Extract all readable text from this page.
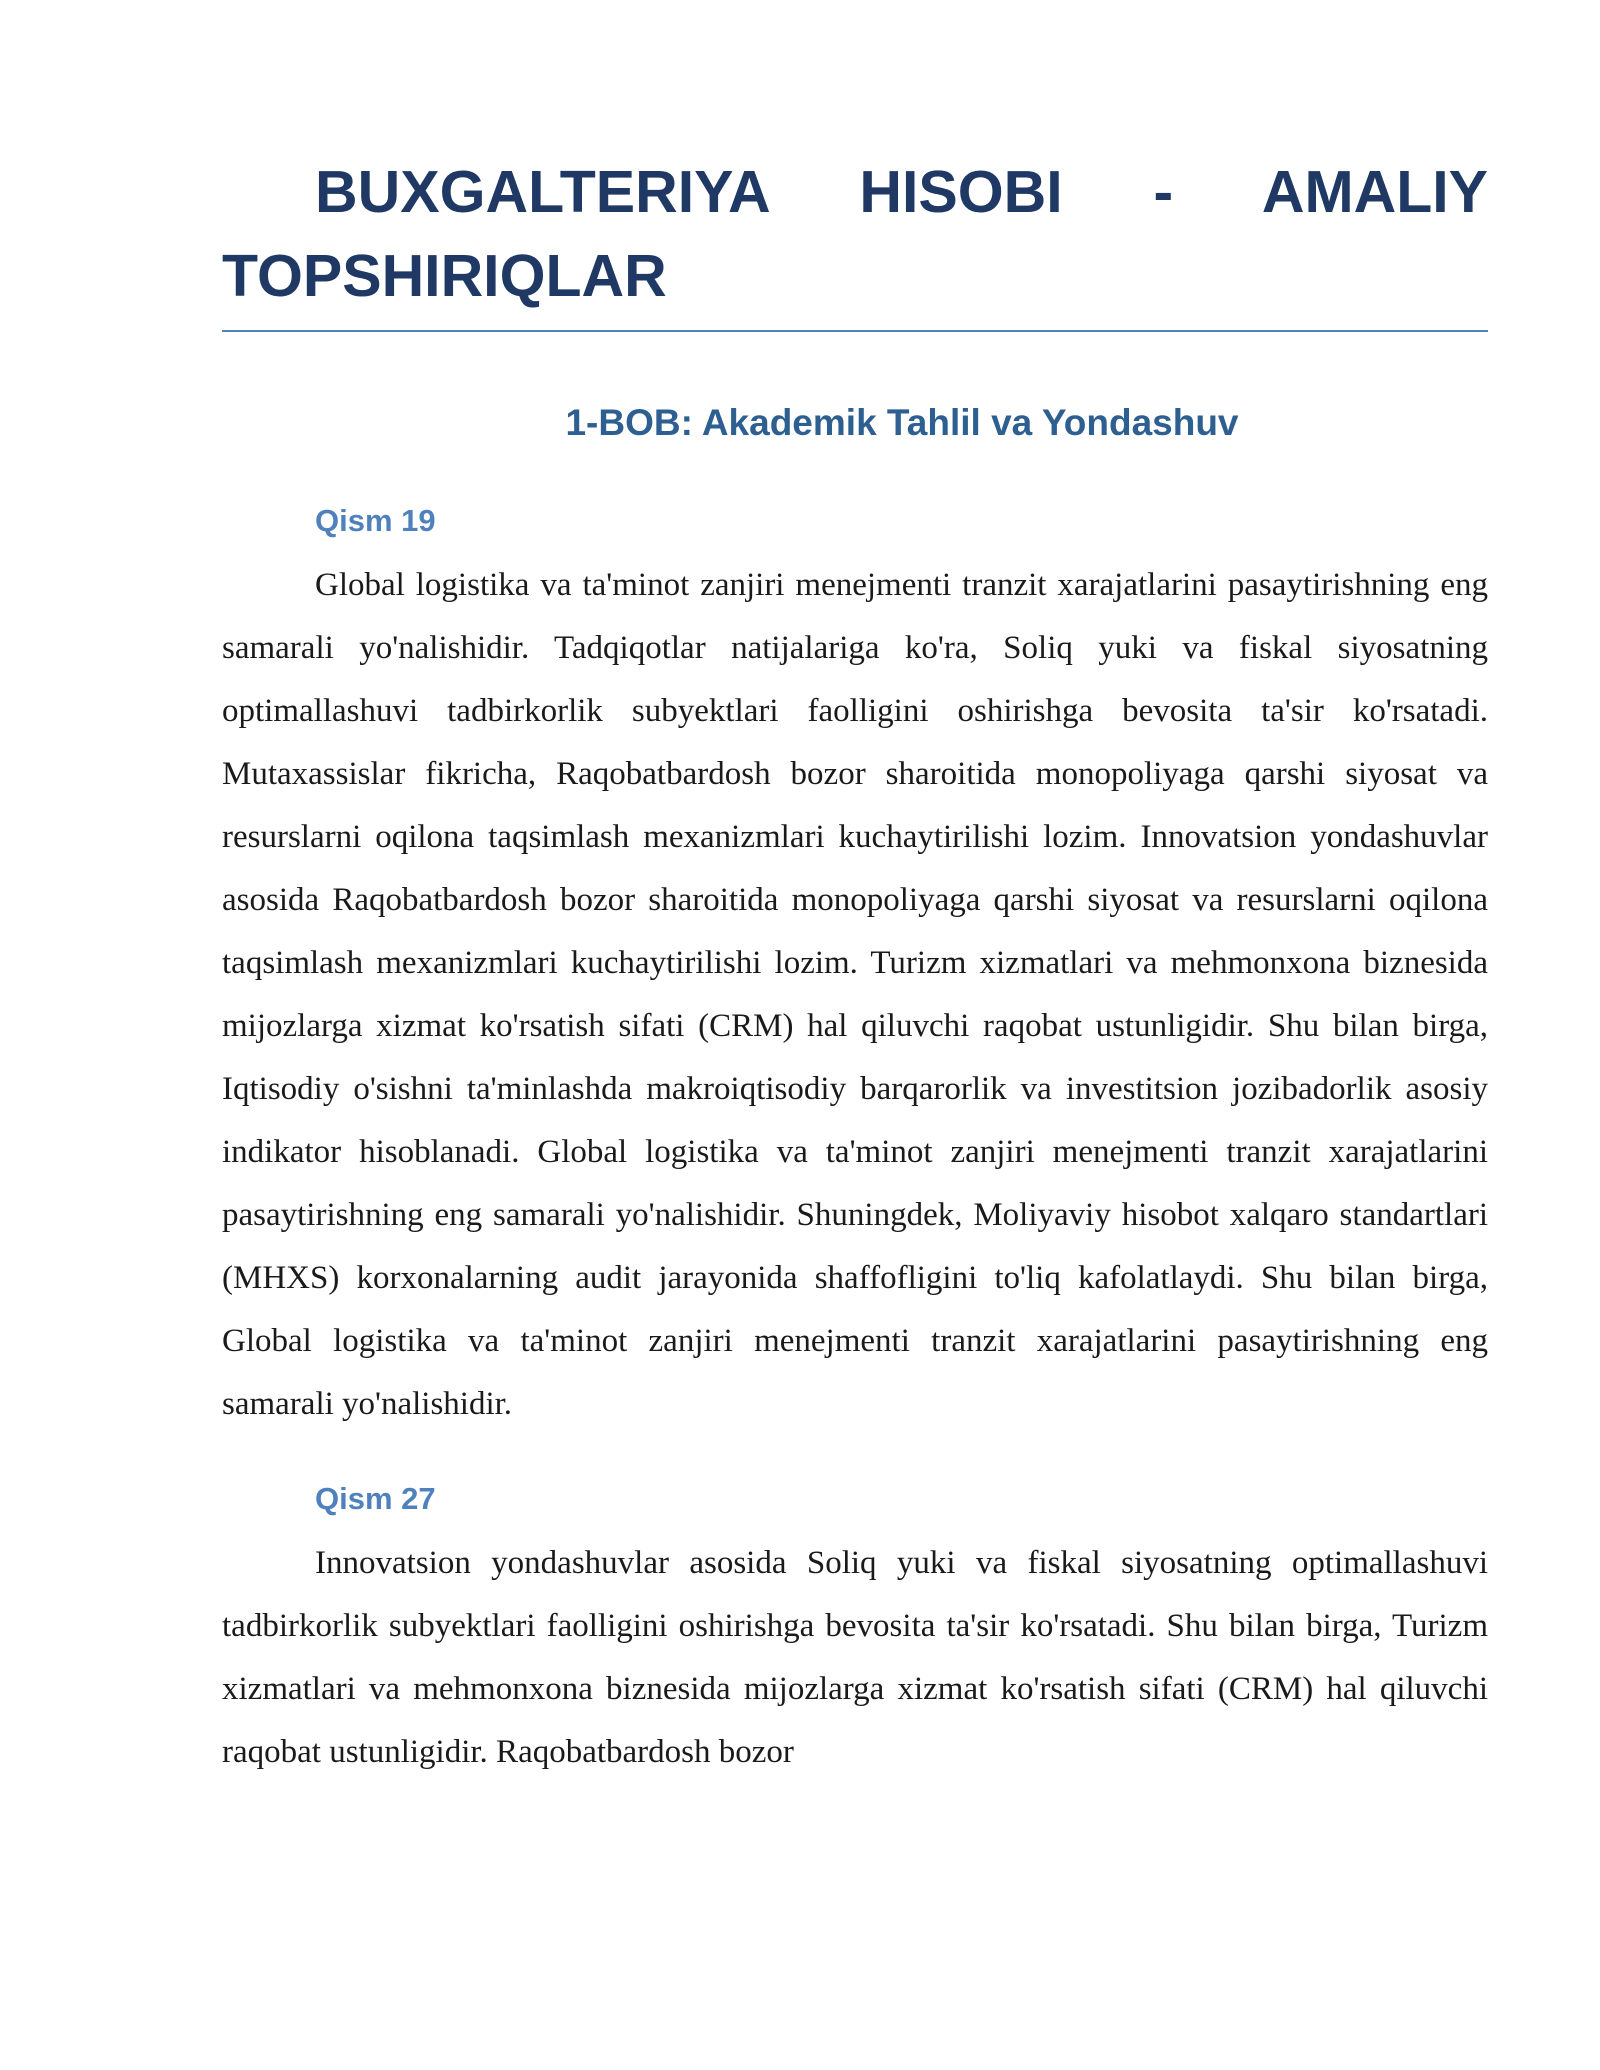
BUXGALTERIYA HISOBI - AMALIY TOPSHIRIQLAR
1-BOB: Akademik Tahlil va Yondashuv
Qism 19

Global logistika va ta'minot zanjiri menejmenti tranzit xarajatlarini pasaytirishning eng samarali yo'nalishidir. Tadqiqotlar natijalariga ko'ra, Soliq yuki va fiskal siyosatning optimallashuvi tadbirkorlik subyektlari faolligini oshirishga bevosita ta'sir ko'rsatadi. Mutaxassislar fikricha, Raqobatbardosh bozor sharoitida monopoliyaga qarshi siyosat va resurslarni oqilona taqsimlash mexanizmlari kuchaytirilishi lozim. Innovatsion yondashuvlar asosida Raqobatbardosh bozor sharoitida monopoliyaga qarshi siyosat va resurslarni oqilona taqsimlash mexanizmlari kuchaytirilishi lozim. Turizm xizmatlari va mehmonxona biznesida mijozlarga xizmat ko'rsatish sifati (CRM) hal qiluvchi raqobat ustunligidir. Shu bilan birga, Iqtisodiy o'sishni ta'minlashda makroiqtisodiy barqarorlik va investitsion jozibadorlik asosiy indikator hisoblanadi. Global logistika va ta'minot zanjiri menejmenti tranzit xarajatlarini pasaytirishning eng samarali yo'nalishidir. Shuningdek, Moliyaviy hisobot xalqaro standartlari (MHXS) korxonalarning audit jarayonida shaffofligini to'liq kafolatlaydi. Shu bilan birga, Global logistika va ta'minot zanjiri menejmenti tranzit xarajatlarini pasaytirishning eng samarali yo'nalishidir.

Qism 27

Innovatsion yondashuvlar asosida Soliq yuki va fiskal siyosatning optimallashuvi tadbirkorlik subyektlari faolligini oshirishga bevosita ta'sir ko'rsatadi. Shu bilan birga, Turizm xizmatlari va mehmonxona biznesida mijozlarga xizmat ko'rsatish sifati (CRM) hal qiluvchi raqobat ustunligidir. Raqobatbardosh bozor
